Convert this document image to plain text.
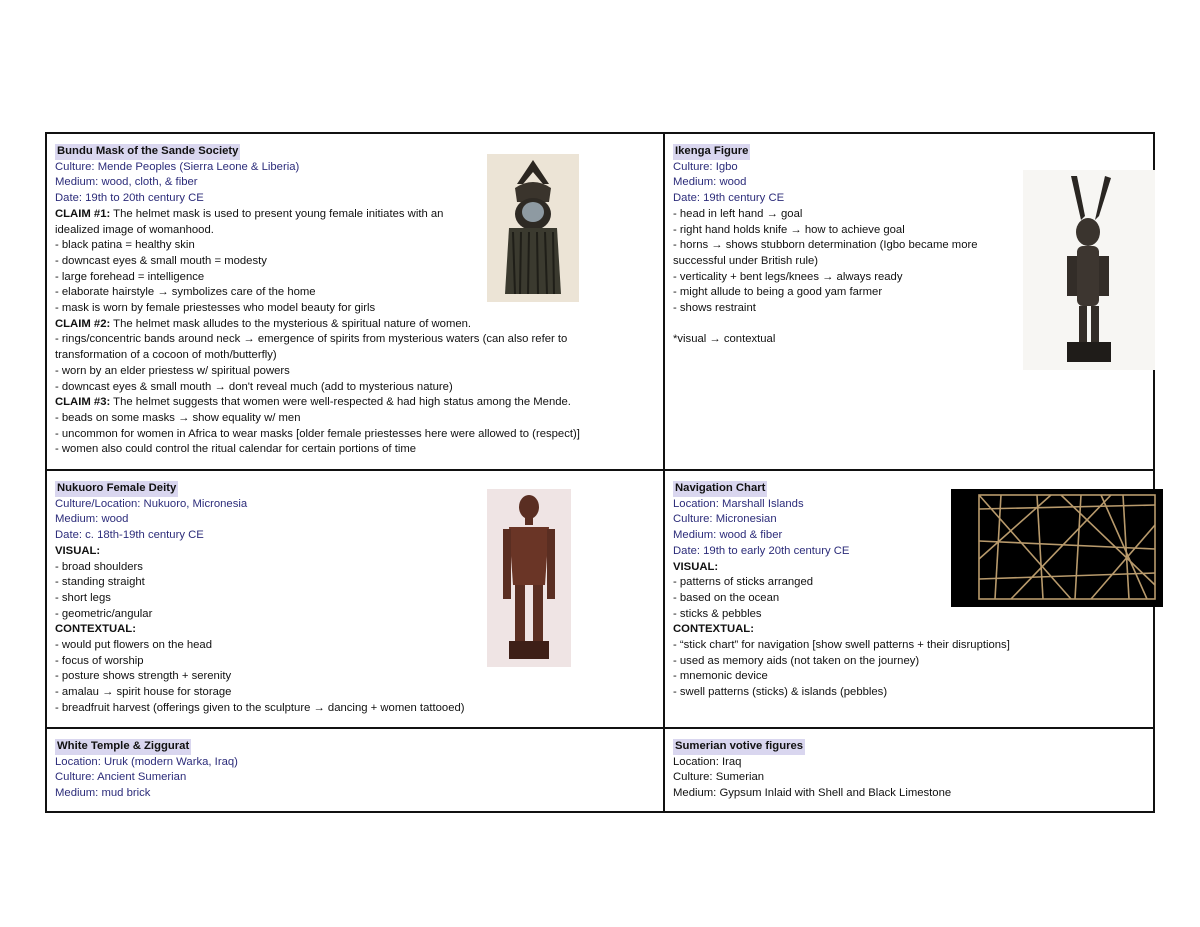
Bundu Mask of the Sande Society
Culture: Mende Peoples (Sierra Leone & Liberia)
Medium: wood, cloth, & fiber
Date: 19th to 20th century CE
CLAIM #1: The helmet mask is used to present young female initiates with an idealized image of womanhood.
- black patina = healthy skin
- downcast eyes & small mouth = modesty
- large forehead = intelligence
- elaborate hairstyle → symbolizes care of the home
- mask is worn by female priestesses who model beauty for girls
CLAIM #2: The helmet mask alludes to the mysterious & spiritual nature of women.
- rings/concentric bands around neck → emergence of spirits from mysterious waters (can also refer to transformation of a cocoon of moth/butterfly)
- worn by an elder priestess w/ spiritual powers
- downcast eyes & small mouth → don't reveal much (add to mysterious nature)
CLAIM #3: The helmet suggests that women were well-respected & had high status among the Mende.
- beads on some masks → show equality w/ men
- uncommon for women in Africa to wear masks [older female priestesses here were allowed to (respect)]
- women also could control the ritual calendar for certain portions of time
Ikenga Figure
Culture: Igbo
Medium: wood
Date: 19th century CE
- head in left hand → goal
- right hand holds knife → how to achieve goal
- horns → shows stubborn determination (Igbo became more successful under British rule)
- verticality + bent legs/knees → always ready
- might allude to being a good yam farmer
- shows restraint
*visual → contextual
Nukuoro Female Deity
Culture/Location: Nukuoro, Micronesia
Medium: wood
Date: c. 18th-19th century CE
VISUAL:
- broad shoulders
- standing straight
- short legs
- geometric/angular
CONTEXTUAL:
- would put flowers on the head
- focus of worship
- posture shows strength + serenity
- amalau → spirit house for storage
- breadfruit harvest (offerings given to the sculpture → dancing + women tattooed)
Navigation Chart
Location: Marshall Islands
Culture: Micronesian
Medium: wood & fiber
Date: 19th to early 20th century CE
VISUAL:
- patterns of sticks arranged
- based on the ocean
- sticks & pebbles
CONTEXTUAL:
- “stick chart” for navigation [show swell patterns + their disruptions]
- used as memory aids (not taken on the journey)
- mnemonic device
- swell patterns (sticks) & islands (pebbles)
White Temple & Ziggurat
Location: Uruk (modern Warka, Iraq)
Culture: Ancient Sumerian
Medium: mud brick
Sumerian votive figures
Location: Iraq
Culture: Sumerian
Medium: Gypsum Inlaid with Shell and Black Limestone
